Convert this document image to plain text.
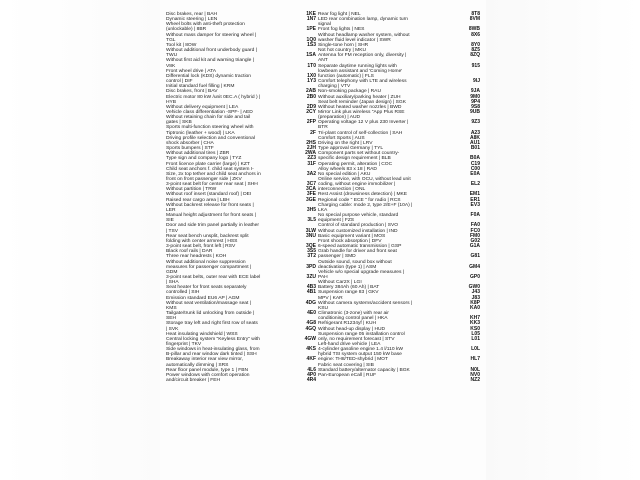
Disc brakes, rear | BAH
Dynamic steering | LEN
Wheel bolts with anti-theft protection
(unlockable) | 8BR
Without mass damper for steering wheel |
TGL
Tool kit | 8OW
Without additional front underbody guard |
TWU
Without first aid kit and warning triangle |
V8K
Front wheel drive | ATA
Differential lock (KDS) dynamic traction
control | DIF
Initial standard fuel filling | KRM
Disc brakes, front | BAV
Electric motor 80 kW /unit 0EC.A ( hybrid ) |
HYB
Without delivery equipment | LEA
Vehicle class differentiation -SPF- | AED
Without retaining chain for side and tail
gates | SKB
Sports multi-function steering wheel with
Tiptronic (leather + wood) | LKA
Driving profile selection and conventional
shock absorber | CHA
Sports bumpers | STF
Without additional tires | ZBR
Type sign and company logo | TYZ
Front licence plate carrier (large) | KZT
Child seat anchors f. child seat system I-
Size, 2x top tether and child seat anchors in
front on front passenger side | ZKV
3-point seat belt for center rear seat | SHH
Without partition | TRW
Without roof insert (standard roof) | DEI
Raised rear cargo area | LBH
Without backrest release for front seats |
LER
Manual height adjustment for front seats |
SIE
Door and side trim panel partially in leather
| TSV
Rear seat bench unsplit, backrest split
folding with center armrest | HSS
3-point seat belt, front left | RSV
Black roof rails | DAR
Three rear headrests | KOH
Without additional noise suppression
measures for passenger compartment |
GDM
3-point seat belts, outer rear with ECE label
| SHA
Seat heater for front seats separately
controlled | SIH
Emission standard EU6 AP | AGM
Without seat ventilation/massage seat |
KMS
Tailgate/trunk lid unlocking from outside |
SEH
Storage tray left and right first row of seats
| SVK
Heat insulating windshield | WSS
Central locking system "Keyless Entry" with
fingerprint | TKV
Side windows in heat-insulating glass, from
B-pillar and rear window dark tinted | SSH
Breakaway interior rear view mirror,
automatically dimming | SRS
Rear floor panel module, type 1 | FBN
Power windows with comfort operation
and/circuit breaker | FEH
1KE
1N7

1PE

1Q0
1S3

1SA

1T0

1X0
1Y3

2AB
2B0

2D9
2CY

2FP

2F

2HS
2JH
2WA
2Z3
31F

3A2

3C7
3CA
3FE
3GE

3H5

3L5

3LW
3NU

3QE
3S5
3T2

3PD

3ZU

4B3
4B1

4DG

4E0

4G8
4GQ

4GW

4KS

4KF

4L6
4P0
4R4
Rear fog light | NEL
LED rear combination lamp, dynamic turn
signal
Front fog lights | NES
Without headlamp washer system, without
washer fluid level indicator | SWR
Single-tone horn | SHR
Not hot country | MKU
Antenna for FM reception only, diversity |
ANT
Separate daytime running lights with
lowbeam assistant and 'Coming Home'
function (automatic) | FLS
Comfort telephony with LTE and wireless
charging | VTV
Non-smoking package | RAU
Without auxiliary/parking heater | ZUH
Seat belt reminder (Japan design) | SGK
Without heated washer nozzles | BWD
Mirror Link plus wireless "App Plus RSE
(preparation) | AUD
Operating voltage 12 V plus 230 Inverter |
BTR
Tri-plant control of self-collection | SAH
Comfort Sports | AUS
Driving on the right | LRV
Type approval Germany | TYL
Component parts set without country-
specific design requirement | BLB
Operating permit, alteration | COC
Alloy wheels 83 x 18 | RAD
No special edition | AKU
Online service, with OCU, without lead unit
coding, without engine immobilizer |
interconnection | ONL
Rest Assist (drowsiness detection) | MKE
Regional code " ECE " for radio | RCS
Charging cable: mode 2, type 2/E+F (10A) |
LKA
No special purpose vehicle, standard
equipment | FZS
Control of standard production | SVO
Without customized installation | IND
Basic equipment variant | MOS
Front shock absorption | DFV
6-speed automatic transmission | GSP
Grab handle for driver and front seat
passenger | SMD
Outside sound, sound box without
deactivation (type 1) | ASM
Vehicle w/o special upgrade measures |
PAH
Without Car2X | LGI
Battery 384Ah (60 Ah) | BAT
Suspension range 83 | GKV
MPV | KAR
Without camera systems/accident sensors |
KSU
Climatronic (3-zone) with rear air
conditioning control panel | HKA
Refrigerant R1234yf | KUH
Without head-up display | HUD
Suspension range 05 installation control
only, no requirement forecast | STV
Left-hand drive vehicle | LEA
4-cylinder gasoline engine 1.4 l/110 kW
hybrid TSI system output 150 kW base
engine: TH8/TED-shybrid | MOT
Fabric seat covering | SIB
Standard battery/alternator capacity | BGK
Pan-European eCall | RUF
8T8
8VM

8WB
8X6

8Y0
8Z5
8ZQ

915

9IJ

9JA
9M0
9P4
9S8
9UB

9Z3

A23
A8K
AU1
B01

B0A
C19
C00
E0A

EL2

EM1
ER1
EV3

F0A

FA0
FC0
FM0
G02
G1A

G81

GM4

GP0

GW0
J43
J83
K8P
KA0

KH7
KK3
KS0
L05
L01

L0L

HL7

N0L
NV0
NZ2
